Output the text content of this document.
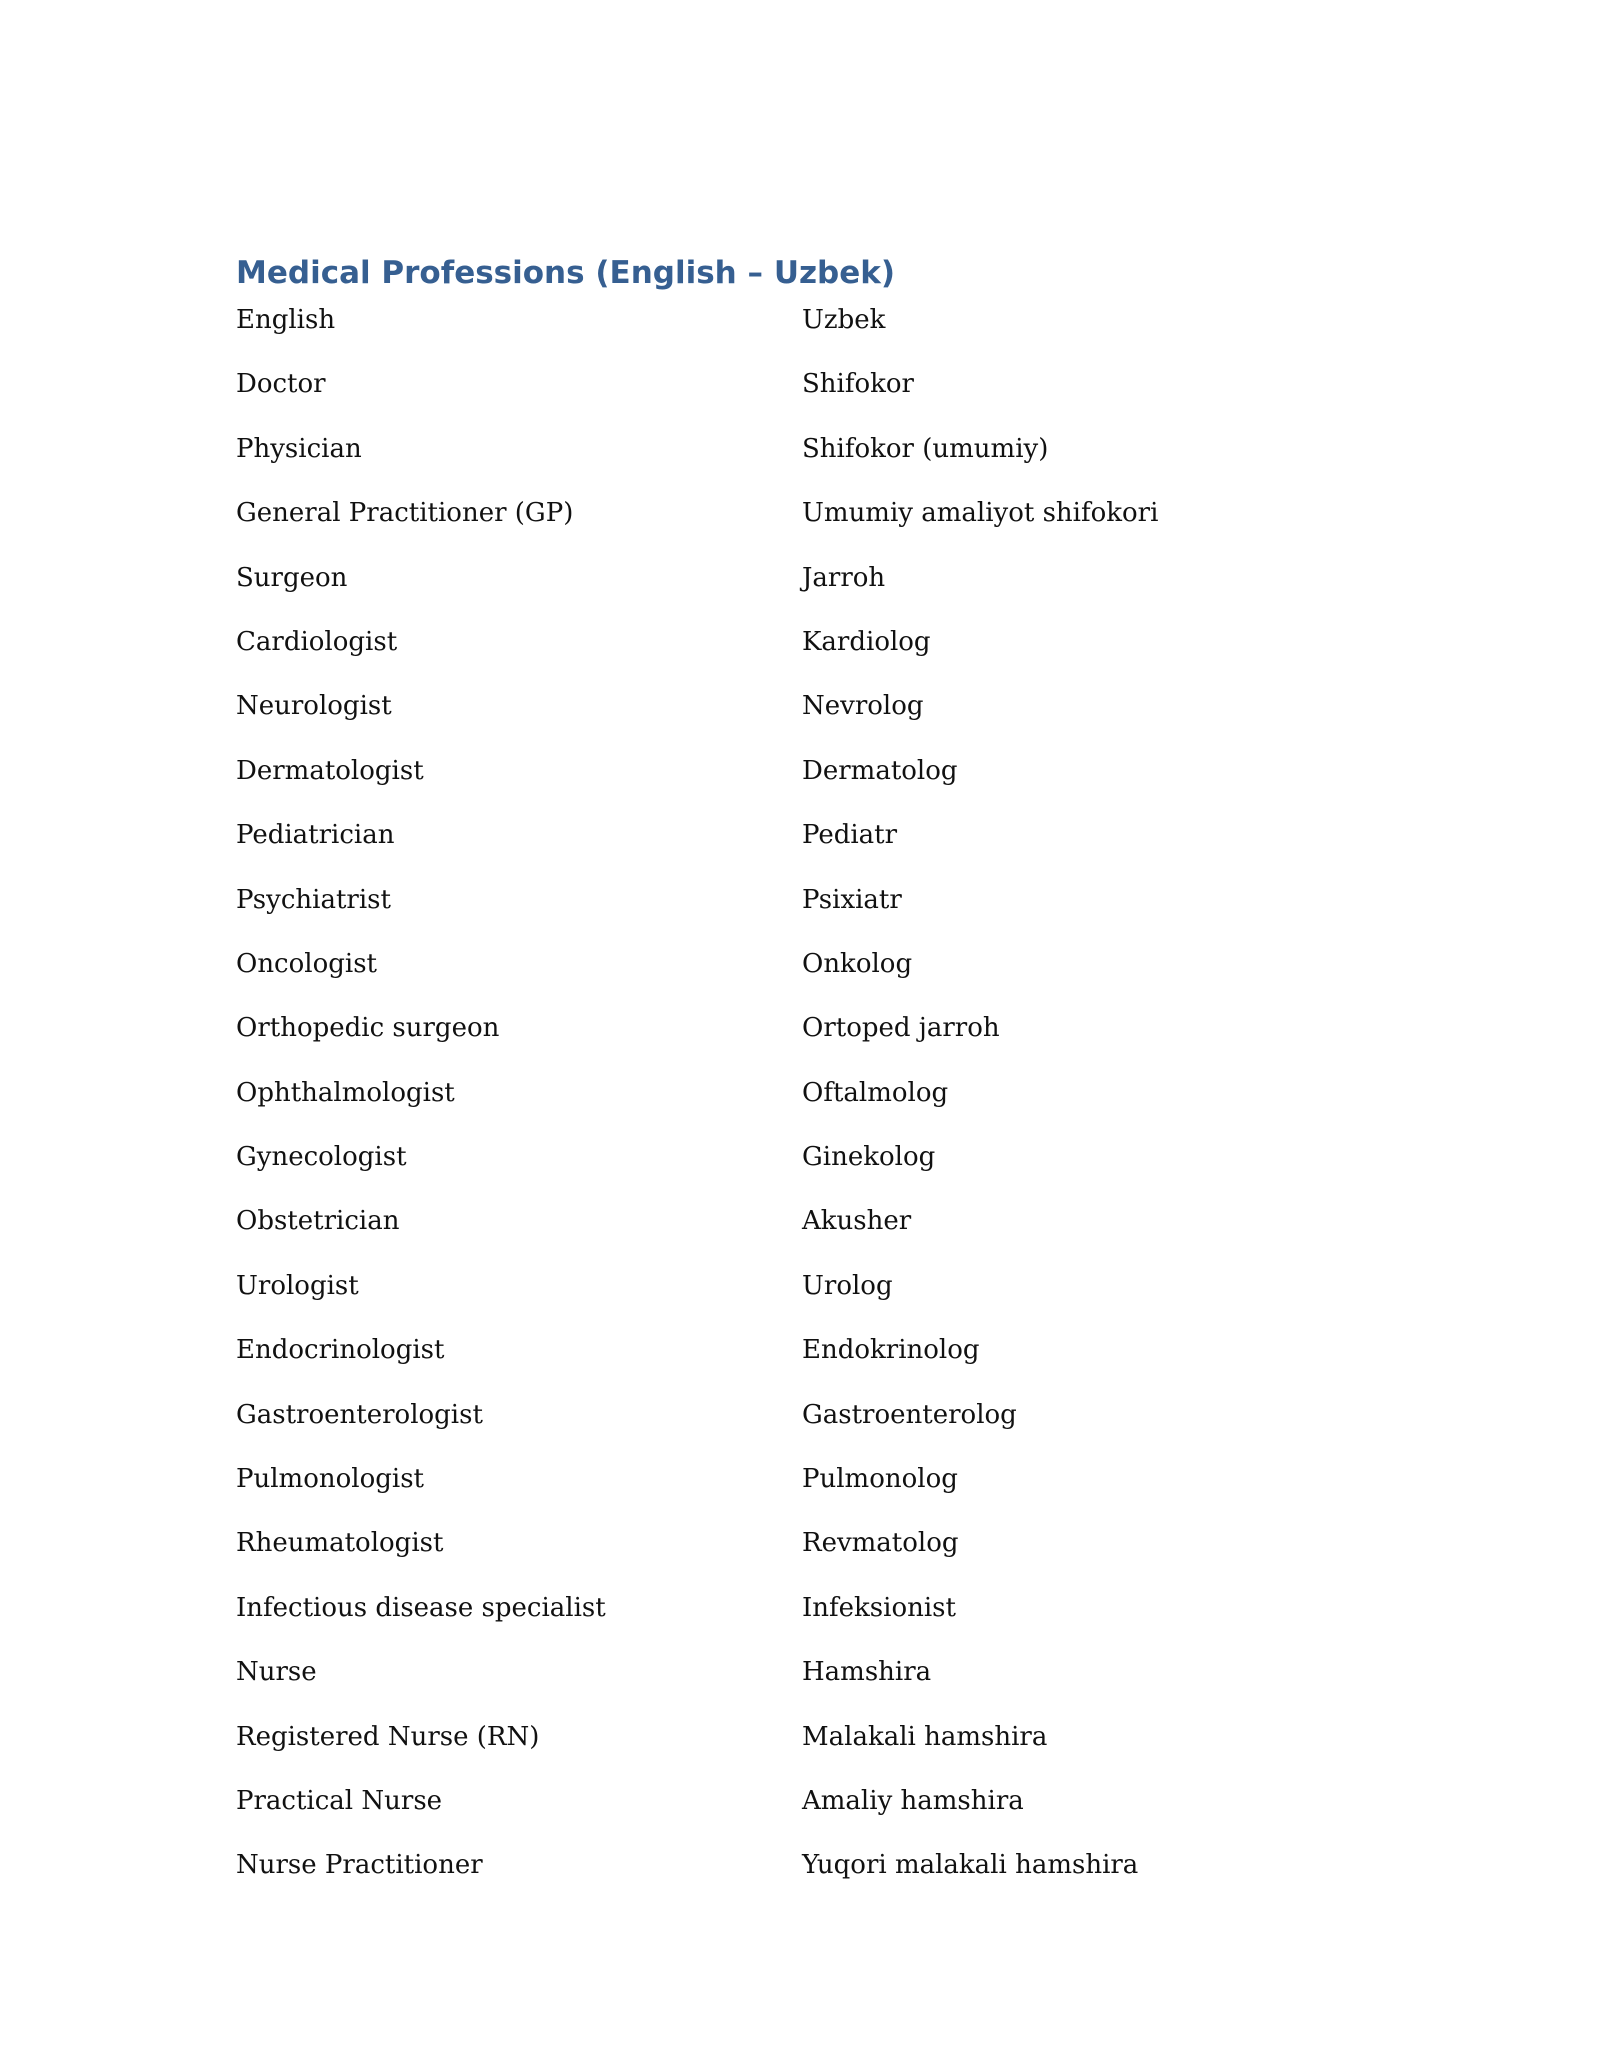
Medical Professions (English – Uzbek)
English	Uzbek
Doctor	Shifokor
Physician	Shifokor (umumiy)
General Practitioner (GP)	Umumiy amaliyot shifokori
Surgeon	Jarroh
Cardiologist	Kardiolog
Neurologist	Nevrolog
Dermatologist	Dermatolog
Pediatrician	Pediatr
Psychiatrist	Psixiatr
Oncologist	Onkolog
Orthopedic surgeon	Ortoped jarroh
Ophthalmologist	Oftalmolog
Gynecologist	Ginekolog
Obstetrician	Akusher
Urologist	Urolog
Endocrinologist	Endokrinolog
Gastroenterologist	Gastroenterolog
Pulmonologist	Pulmonolog
Rheumatologist	Revmatolog
Infectious disease specialist	Infeksionist
Nurse	Hamshira
Registered Nurse (RN)	Malakali hamshira
Practical Nurse	Amaliy hamshira
Nurse Practitioner	Yuqori malakali hamshira
